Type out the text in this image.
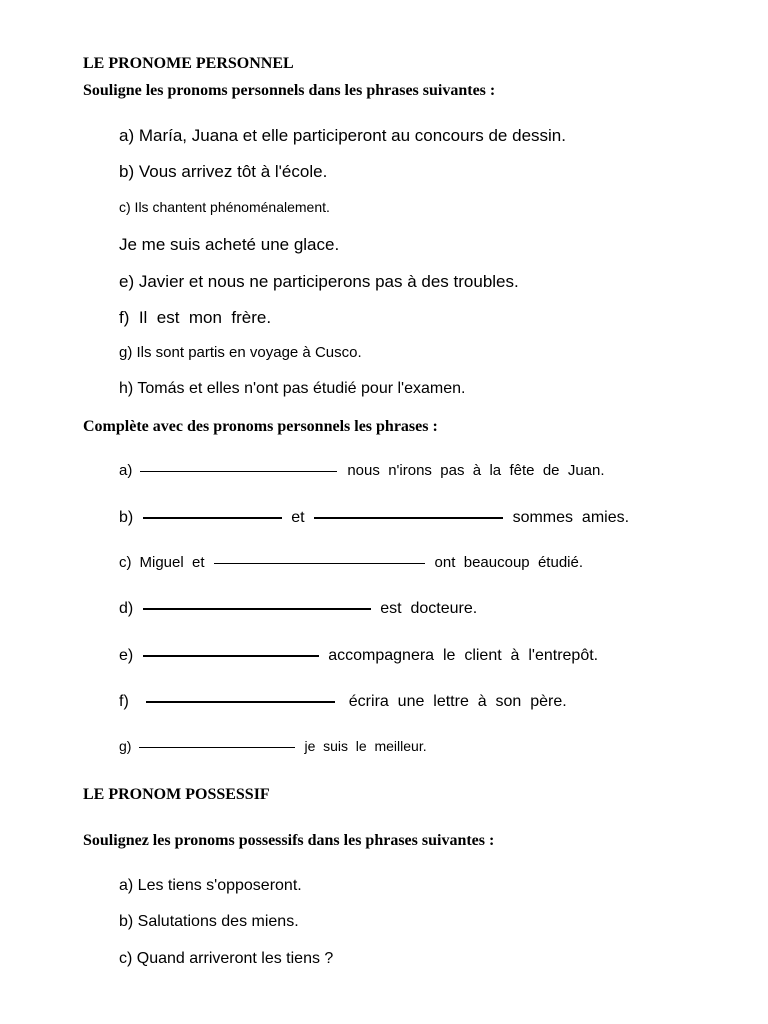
LE PRONOME PERSONNEL
Souligne les pronoms personnels dans les phrases suivantes :
a) María, Juana et elle participeront au concours de dessin.
b) Vous arrivez tôt à l'école.
c) Ils chantent phénoménalement.
Je me suis acheté une glace.
e) Javier et nous ne participerons pas à des troubles.
f)  Il  est  mon  frère.
g) Ils sont partis en voyage à Cusco.
h) Tomás et elles n'ont pas étudié pour l'examen.
Complète avec des pronoms personnels les phrases :
a)	nous  n'irons  pas  à  la  fête  de  Juan.
b)	et	sommes  amies.
c) Miguel  et	ont  beaucoup  étudié.
d)	est  docteure.
e)	accompagnera  le  client  à  l'entrepôt.
f)	écrira  une  lettre  à  son  père.
g)	je  suis  le  meilleur.
LE PRONOM POSSESSIF
Soulignez les pronoms possessifs dans les phrases suivantes :
a) Les tiens s'opposeront.
b) Salutations des miens.
c) Quand arriveront les tiens ?
